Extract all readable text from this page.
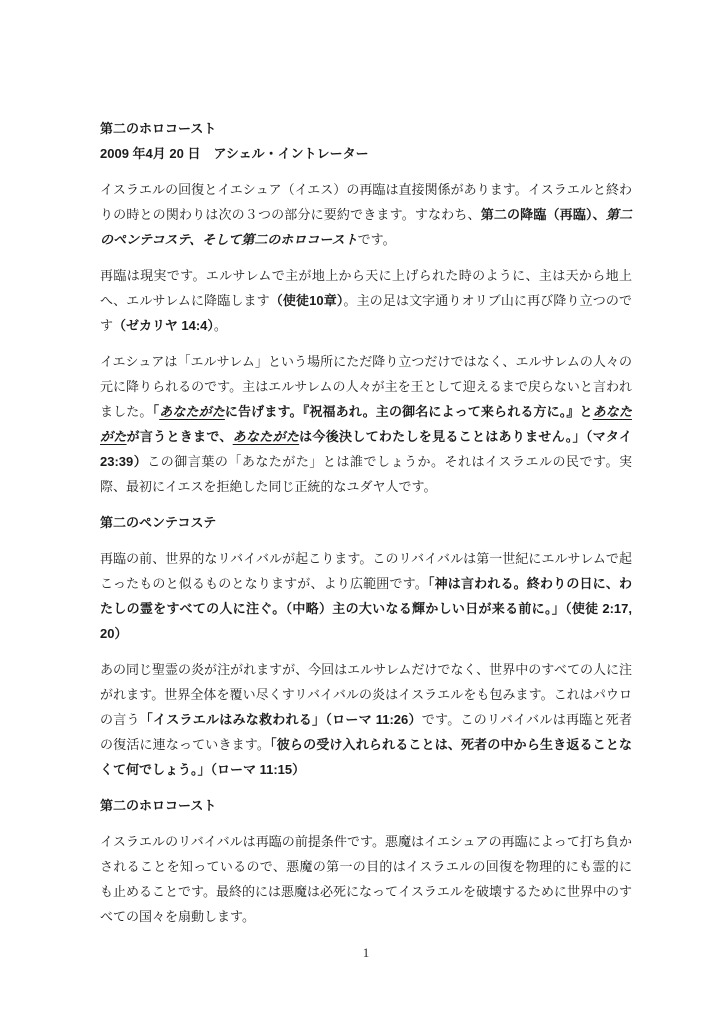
第二のホロコースト

2009 年4月 20 日　アシェル・イントレーター

イスラエルの回復とイエシュア（イエス）の再臨は直接関係があります。イスラエルと終わりの時との関わりは次の３つの部分に要約できます。すなわち、第二の降臨（再臨）、第二のペンテコステ、そして第二のホロコーストです。

再臨は現実です。エルサレムで主が地上から天に上げられた時のように、主は天から地上へ、エルサレムに降臨します（使徒10章）。主の足は文字通りオリブ山に再び降り立つのです（ゼカリヤ 14:4）。

イエシュアは「エルサレム」という場所にただ降り立つだけではなく、エルサレムの人々の元に降りられるのです。主はエルサレムの人々が主を王として迎えるまで戻らないと言われました。「あなたがたに告げます。『祝福あれ。主の御名によって来られる方に。』とあなたがたが言うときまで、あなたがたは今後決してわたしを見ることはありません。」（マタイ 23:39）この御言葉の「あなたがた」とは誰でしょうか。それはイスラエルの民です。実際、最初にイエスを拒絶した同じ正統的なユダヤ人です。

第二のペンテコステ

再臨の前、世界的なリバイバルが起こります。このリバイバルは第一世紀にエルサレムで起こったものと似るものとなりますが、より広範囲です。「神は言われる。終わりの日に、わたしの霊をすべての人に注ぐ。（中略）主の大いなる輝かしい日が来る前に。」（使徒 2:17, 20）

あの同じ聖霊の炎が注がれますが、今回はエルサレムだけでなく、世界中のすべての人に注がれます。世界全体を覆い尽くすリバイバルの炎はイスラエルをも包みます。これはパウロの言う「イスラエルはみな救われる」（ローマ 11:26）です。このリバイバルは再臨と死者の復活に連なっていきます。「彼らの受け入れられることは、死者の中から生き返ることなくて何でしょう。」（ローマ 11:15）

第二のホロコースト

イスラエルのリバイバルは再臨の前提条件です。悪魔はイエシュアの再臨によって打ち負かされることを知っているので、悪魔の第一の目的はイスラエルの回復を物理的にも霊的にも止めることです。最終的には悪魔は必死になってイスラエルを破壊するために世界中のすべての国々を扇動します。

1
